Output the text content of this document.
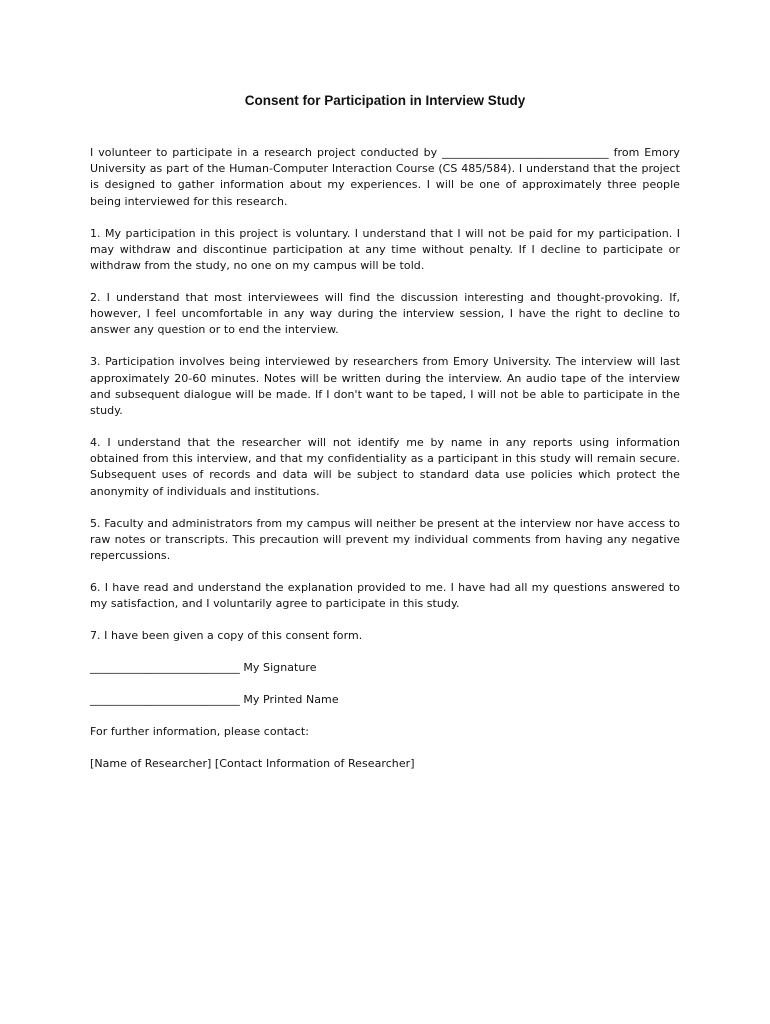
Consent for Participation in Interview Study

I volunteer to participate in a research project conducted by ______________________________ from Emory University as part of the Human-Computer Interaction Course (CS 485/584). I understand that the project is designed to gather information about my experiences. I will be one of approximately three people being interviewed for this research.

1. My participation in this project is voluntary. I understand that I will not be paid for my participation. I may withdraw and discontinue participation at any time without penalty. If I decline to participate or withdraw from the study, no one on my campus will be told.

2. I understand that most interviewees will find the discussion interesting and thought-provoking. If, however, I feel uncomfortable in any way during the interview session, I have the right to decline to answer any question or to end the interview.

3. Participation involves being interviewed by researchers from Emory University. The interview will last approximately 20-60 minutes. Notes will be written during the interview. An audio tape of the interview and subsequent dialogue will be made. If I don't want to be taped, I will not be able to participate in the study.

4. I understand that the researcher will not identify me by name in any reports using information obtained from this interview, and that my confidentiality as a participant in this study will remain secure. Subsequent uses of records and data will be subject to standard data use policies which protect the anonymity of individuals and institutions.

5. Faculty and administrators from my campus will neither be present at the interview nor have access to raw notes or transcripts. This precaution will prevent my individual comments from having any negative repercussions.

6. I have read and understand the explanation provided to me. I have had all my questions answered to my satisfaction, and I voluntarily agree to participate in this study.

7. I have been given a copy of this consent form.

___________________________ My Signature

___________________________ My Printed Name

For further information, please contact:

[Name of Researcher] [Contact Information of Researcher]
